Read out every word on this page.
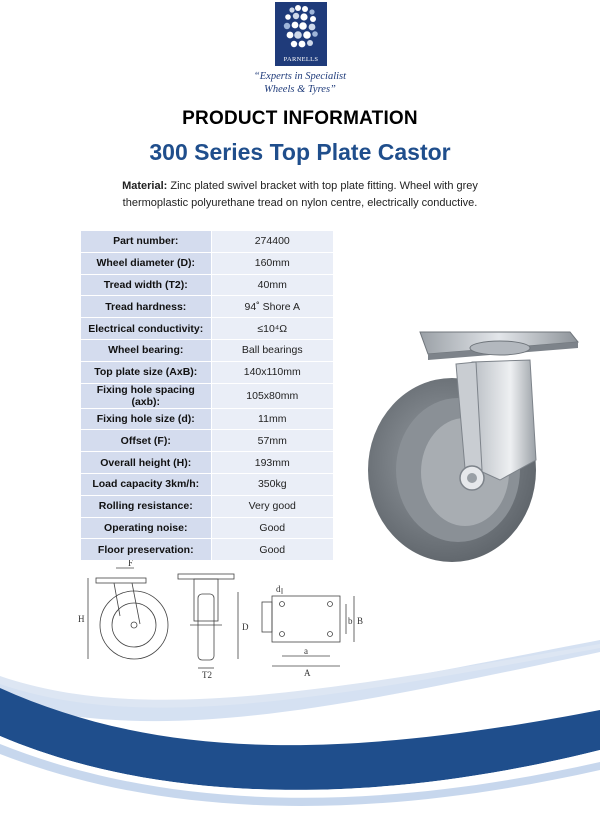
PARNELLS
“Experts in Specialist
Wheels & Tyres”
PRODUCT INFORMATION
300 Series Top Plate Castor
Material: Zinc plated swivel bracket with top plate fitting. Wheel with grey thermoplastic polyurethane tread on nylon centre, electrically conductive.
Part number:	274400
Wheel diameter (D):	160mm
Tread width (T2):	40mm
Tread hardness:	94˚ Shore A
Electrical conductivity:	≤10⁴Ω
Wheel bearing:	Ball bearings
Top plate size (AxB):	140x110mm
Fixing hole spacing (axb):	105x80mm
Fixing hole size (d):	11mm
Offset (F):	57mm
Overall height (H):	193mm
Load capacity 3km/h:	350kg
Rolling resistance:	Very good
Operating noise:	Good
Floor preservation:	Good
F
H
D
T2
d
b B
a
A
